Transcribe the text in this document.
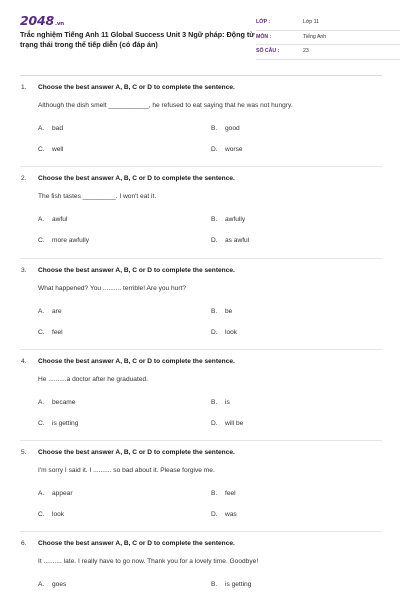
2048.vn
Trắc nghiệm Tiếng Anh 11 Global Success Unit 3 Ngữ pháp: Động từ trạng thái trong thể tiếp diễn (có đáp án)
LỚP :	Lớp 11
MÔN :	Tiếng Anh
SỐ CÂU :	23
1. Choose the best answer A, B, C or D to complete the sentence.
Although the dish smelt ___________, he refused to eat saying that he was not hungry.
A. bad	B. good
C. well	D. worse
2. Choose the best answer A, B, C or D to complete the sentence.
The fish tastes _________. I won't eat it.
A. awful	B. awfully
C. more awfully	D. as awful
3. Choose the best answer A, B, C or D to complete the sentence.
What happened? You .......... terrible! Are you hurt?
A. are	B. be
C. feel	D. look
4. Choose the best answer A, B, C or D to complete the sentence.
He ..........a doctor after he graduated.
A. became	B. is
C. is getting	D. will be
5. Choose the best answer A, B, C or D to complete the sentence.
I'm sorry I said it. I .......... so bad about it. Please forgive me.
A. appear	B. feel
C. look	D. was
6. Choose the best answer A, B, C or D to complete the sentence.
It .......... late. I really have to go now. Thank you for a lovely time. Goodbye!
A. goes	B. is getting
